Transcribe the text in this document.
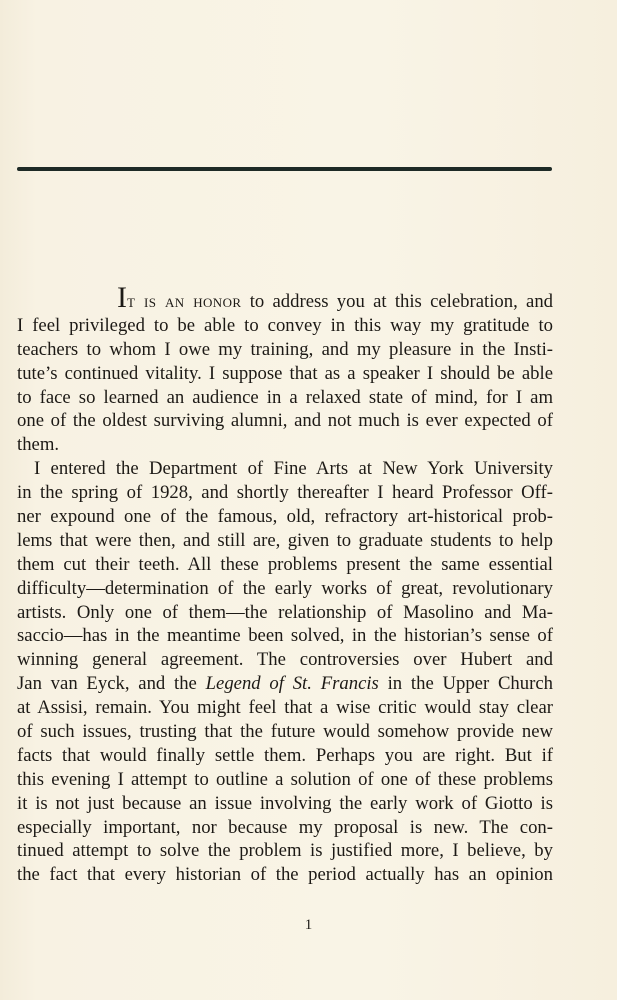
It is an honor to address you at this celebration, and
I feel privileged to be able to convey in this way my gratitude to
teachers to whom I owe my training, and my pleasure in the Insti-
tute’s continued vitality. I suppose that as a speaker I should be able
to face so learned an audience in a relaxed state of mind, for I am
one of the oldest surviving alumni, and not much is ever expected of
them.
I entered the Department of Fine Arts at New York University
in the spring of 1928, and shortly thereafter I heard Professor Off-
ner expound one of the famous, old, refractory art-historical prob-
lems that were then, and still are, given to graduate students to help
them cut their teeth. All these problems present the same essential
difficulty—determination of the early works of great, revolutionary
artists. Only one of them—the relationship of Masolino and Ma-
saccio—has in the meantime been solved, in the historian’s sense of
winning general agreement. The controversies over Hubert and
Jan van Eyck, and the Legend of St. Francis in the Upper Church
at Assisi, remain. You might feel that a wise critic would stay clear
of such issues, trusting that the future would somehow provide new
facts that would finally settle them. Perhaps you are right. But if
this evening I attempt to outline a solution of one of these problems
it is not just because an issue involving the early work of Giotto is
especially important, nor because my proposal is new. The con-
tinued attempt to solve the problem is justified more, I believe, by
the fact that every historian of the period actually has an opinion
1
